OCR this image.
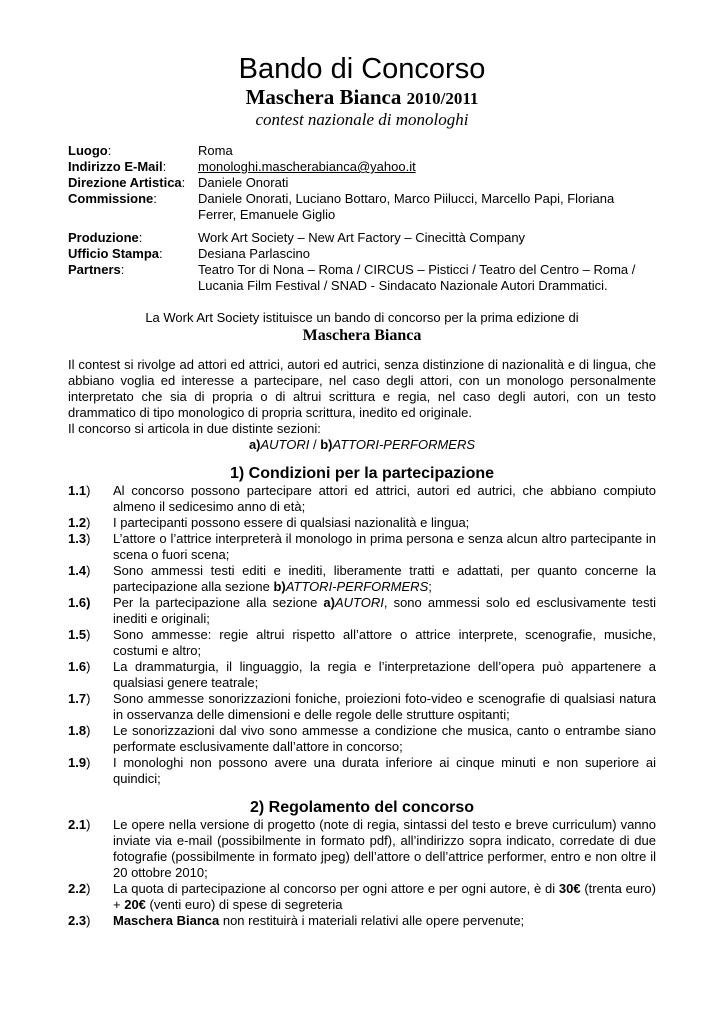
Bando di Concorso
Maschera Bianca 2010/2011
contest nazionale di monologhi
Luogo:	Roma
Indirizzo E-Mail:	monologhi.mascherabianca@yahoo.it
Direzione Artistica: Daniele Onorati
Commissione:	Daniele Onorati, Luciano Bottaro, Marco Piilucci, Marcello Papi, Floriana Ferrer, Emanuele Giglio
Produzione:	Work Art Society – New Art Factory – Cinecittà Company
Ufficio Stampa:	Desiana Parlascino
Partners:	Teatro Tor di Nona – Roma / CIRCUS – Pisticci / Teatro del Centro – Roma / Lucania Film Festival / SNAD - Sindacato Nazionale Autori Drammatici.
La Work Art Society istituisce un bando di concorso per la prima edizione di
Maschera Bianca
Il contest si rivolge ad attori ed attrici, autori ed autrici, senza distinzione di nazionalità e di lingua, che abbiano voglia ed interesse a partecipare, nel caso degli attori, con un monologo personalmente interpretato che sia di propria o di altrui scrittura e regia, nel caso degli autori, con un testo drammatico di tipo monologico di propria scrittura, inedito ed originale.
Il concorso si articola in due distinte sezioni:
a)AUTORI / b)ATTORI-PERFORMERS
1) Condizioni per la partecipazione
1.1)	Al concorso possono partecipare attori ed attrici, autori ed autrici, che abbiano compiuto almeno il sedicesimo anno di età;
1.2)	I partecipanti possono essere di qualsiasi nazionalità e lingua;
1.3)	L’attore o l’attrice interpreterà il monologo in prima persona e senza alcun altro partecipante in scena o fuori scena;
1.4)	Sono ammessi testi editi e inediti, liberamente tratti e adattati, per quanto concerne la partecipazione alla sezione b)ATTORI-PERFORMERS;
1.6)	Per la partecipazione alla sezione a)AUTORI, sono ammessi solo ed esclusivamente testi inediti e originali;
1.5)	Sono ammesse: regie altrui rispetto all’attore o attrice interprete, scenografie, musiche, costumi e altro;
1.6)	La drammaturgia, il linguaggio, la regia e l’interpretazione dell’opera può appartenere a qualsiasi genere teatrale;
1.7)	Sono ammesse sonorizzazioni foniche, proiezioni foto-video e scenografie di qualsiasi natura in osservanza delle dimensioni e delle regole delle strutture ospitanti;
1.8)	Le sonorizzazioni dal vivo sono ammesse a condizione che musica, canto o entrambe siano performate esclusivamente dall’attore in concorso;
1.9)	I monologhi non possono avere una durata inferiore ai cinque minuti e non superiore ai quindici;
2) Regolamento del concorso
2.1)	Le opere nella versione di progetto (note di regia, sintassi del testo e breve curriculum) vanno inviate via e-mail (possibilmente in formato pdf), all’indirizzo sopra indicato, corredate di due fotografie (possibilmente in formato jpeg) dell’attore o dell’attrice performer, entro e non oltre il 20 ottobre 2010;
2.2)	La quota di partecipazione al concorso per ogni attore e per ogni autore, è di 30€ (trenta euro) + 20€ (venti euro) di spese di segreteria
2.3)	Maschera Bianca non restituirà i materiali relativi alle opere pervenute;
